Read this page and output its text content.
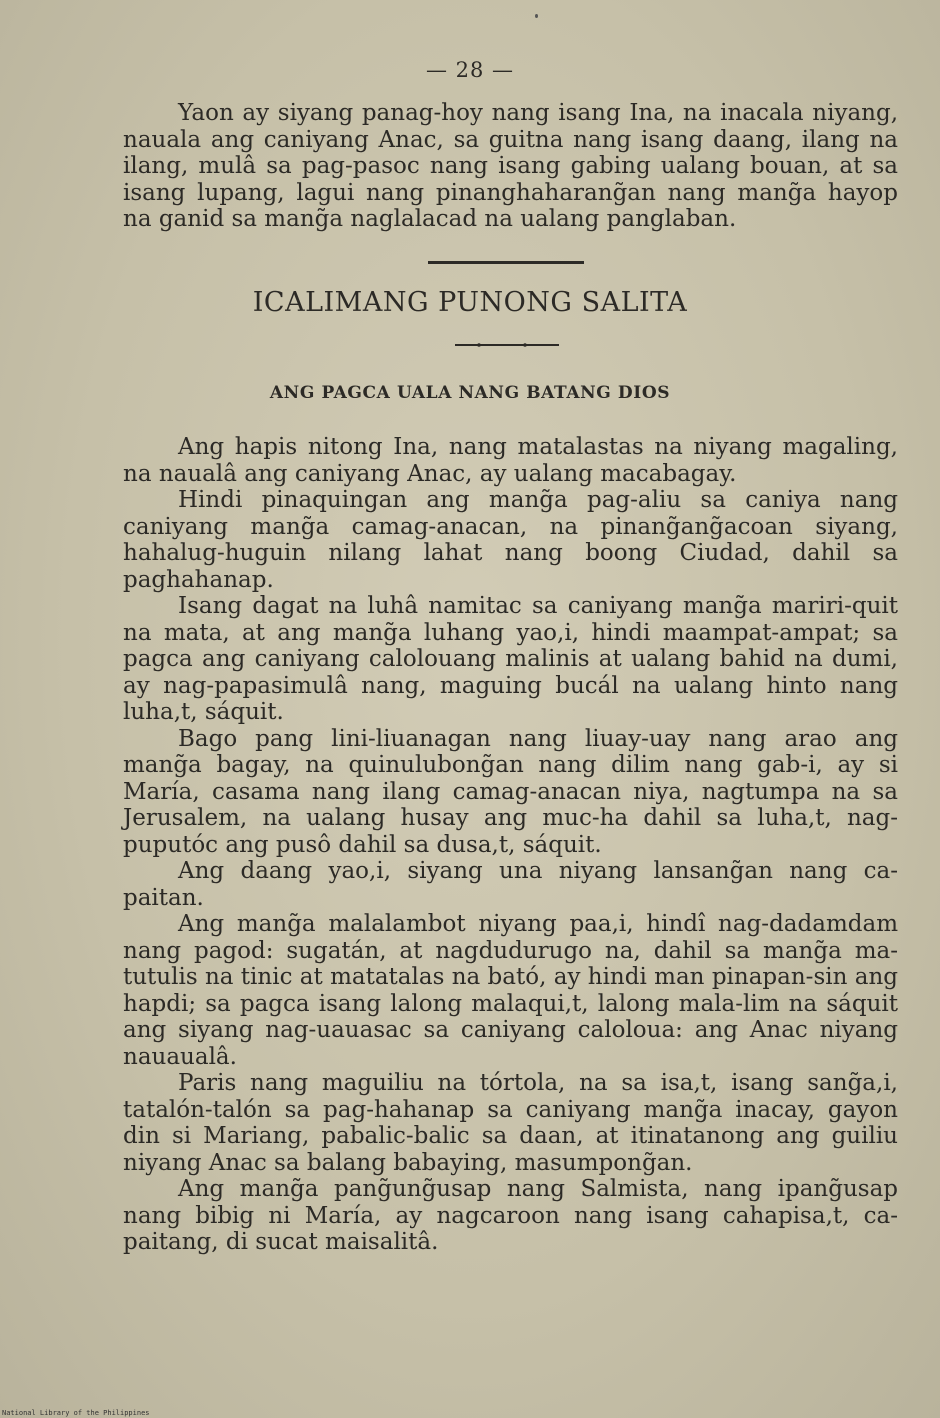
— 28 —

Yaon ay siyang panag-hoy nang isang Ina, na inacala niyang, nauala ang caniyang Anac, sa guitna nang isang daang, ilang na ilang, mulâ sa pag-pasoc nang isang gabing ualang bouan, at sa isang lupang, lagui nang pinanghaharang̃an nang mang̃a hayop na ganid sa mang̃a naglalacad na ualang panglaban.

ICALIMANG PUNONG SALITA
ANG PAGCA UALA NANG BATANG DIOS

Ang hapis nitong Ina, nang matalastas na niyang magaling, na naualâ ang caniyang Anac, ay ualang macabagay.

Hindi pinaquingan ang mang̃a pag-aliu sa caniya nang caniyang mang̃a camag-anacan, na pinang̃ang̃acoan siyang, hahalug-huguin nilang lahat nang boong Ciudad, dahil sa paghahanap.

Isang dagat na luhâ namitac sa caniyang mang̃a mariri-quit na mata, at ang mang̃a luhang yao,i, hindi maampat-ampat; sa pagca ang caniyang calolouang malinis at ualang bahid na dumi, ay nag-papasimulâ nang, maguing bucál na ualang hinto nang luha,t, sáquit.

Bago pang lini-liuanagan nang liuay-uay nang arao ang mang̃a bagay, na quinulubong̃an nang dilim nang gab-i, ay si María, casama nang ilang camag-anacan niya, nagtumpa na sa Jerusalem, na ualang husay ang muc-ha dahil sa luha,t, nag-puputóc ang pusô dahil sa dusa,t, sáquit.

Ang daang yao,i, siyang una niyang lansang̃an nang ca-paitan.

Ang mang̃a malalambot niyang paa,i, hindî nag-dadamdam nang pagod: sugatán, at nagdudurugo na, dahil sa mang̃a ma-tutulis na tinic at matatalas na bató, ay hindi man pinapan-sin ang hapdi; sa pagca isang lalong malaqui,t, lalong mala-lim na sáquit ang siyang nag-uauasac sa caniyang caloloua: ang Anac niyang nauaualâ.

Paris nang maguiliu na tórtola, na sa isa,t, isang sang̃a,i, tatalón-talón sa pag-hahanap sa caniyang mang̃a inacay, gayon din si Mariang, pabalic-balic sa daan, at itinatanong ang guiliu niyang Anac sa balang babaying, masumpong̃an.

Ang mang̃a pang̃ung̃usap nang Salmista, nang ipang̃usap nang bibig ni María, ay nagcaroon nang isang cahapisa,t, ca-paitang, di sucat maisalitâ.

National Library of the Philippines
